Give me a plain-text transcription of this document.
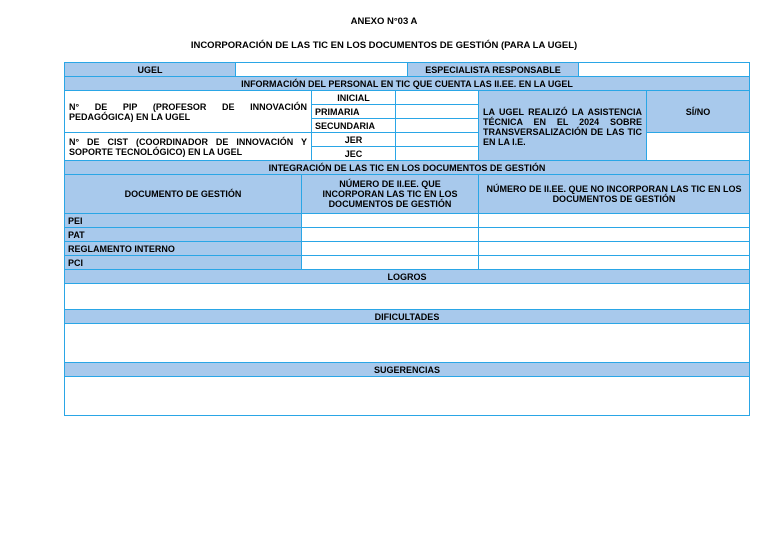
ANEXO N°03 A
INCORPORACIÓN DE LAS TIC EN LOS DOCUMENTOS DE GESTIÓN (PARA LA UGEL)
UGEL	ESPECIALISTA RESPONSABLE
INFORMACIÓN DEL PERSONAL EN TIC QUE CUENTA LAS II.EE. EN LA UGEL
N° DE PIP (PROFESOR DE INNOVACIÓN PEDAGÓGICA) EN LA UGEL
INICIAL
PRIMARIA
SECUNDARIA
N° DE CIST (COORDINADOR DE INNOVACIÓN Y SOPORTE TECNOLÓGICO) EN LA UGEL
JER
JEC
LA UGEL REALIZÓ LA ASISTENCIA TÉCNICA EN EL 2024 SOBRE TRANSVERSALIZACIÓN DE LAS TIC EN LA I.E.
SÍ/NO
INTEGRACIÓN DE LAS TIC EN LOS DOCUMENTOS DE GESTIÓN
DOCUMENTO DE GESTIÓN
NÚMERO DE II.EE. QUE INCORPORAN LAS TIC EN LOS DOCUMENTOS DE GESTIÓN
NÚMERO DE II.EE. QUE NO INCORPORAN LAS TIC EN LOS DOCUMENTOS DE GESTIÓN
PEI
PAT
REGLAMENTO INTERNO
PCI
LOGROS
DIFICULTADES
SUGERENCIAS
